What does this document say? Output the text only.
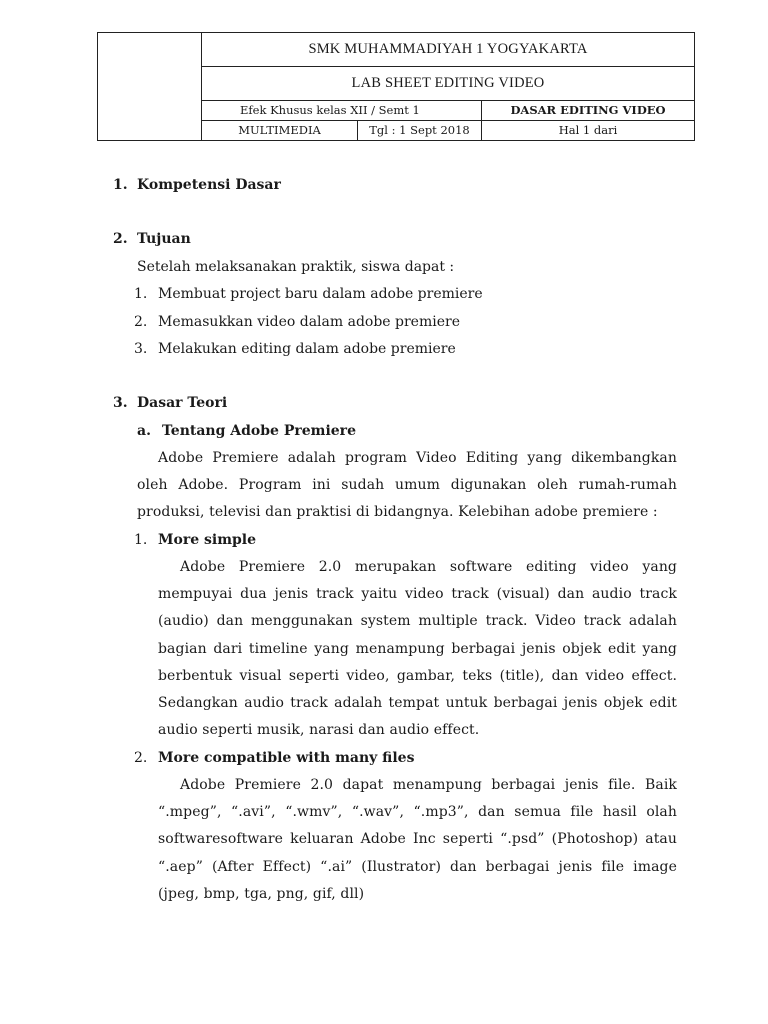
	SMK MUHAMMADIYAH 1 YOGYAKARTA		
	LAB SHEET EDITING VIDEO		
	Efek Khusus kelas XII / Semt 1		DASAR EDITING VIDEO
	MULTIMEDIA	Tgl : 1 Sept 2018	Hal 1 dari
1. Kompetensi Dasar
2. Tujuan
Setelah melaksanakan praktik, siswa dapat :
1. Membuat project baru dalam adobe premiere
2. Memasukkan video dalam adobe premiere
3. Melakukan editing dalam adobe premiere
3. Dasar Teori
a. Tentang Adobe Premiere
Adobe Premiere adalah program Video Editing yang dikembangkan oleh Adobe. Program ini sudah umum digunakan oleh rumah-rumah produksi, televisi dan praktisi di bidangnya. Kelebihan adobe premiere :
1. More simple
Adobe Premiere 2.0 merupakan software editing video yang mempuyai dua jenis track yaitu video track (visual) dan audio track (audio) dan menggunakan system multiple track. Video track adalah bagian dari timeline yang menampung berbagai jenis objek edit yang berbentuk visual seperti video, gambar, teks (title), dan video effect. Sedangkan audio track adalah tempat untuk berbagai jenis objek edit audio seperti musik, narasi dan audio effect.
2. More compatible with many files
Adobe Premiere 2.0 dapat menampung berbagai jenis file. Baik “.mpeg”, “.avi”, “.wmv”, “.wav”, “.mp3”, dan semua file hasil olah softwaresoftware keluaran Adobe Inc seperti “.psd” (Photoshop) atau “.aep” (After Effect) “.ai” (Ilustrator) dan berbagai jenis file image (jpeg, bmp, tga, png, gif, dll)
